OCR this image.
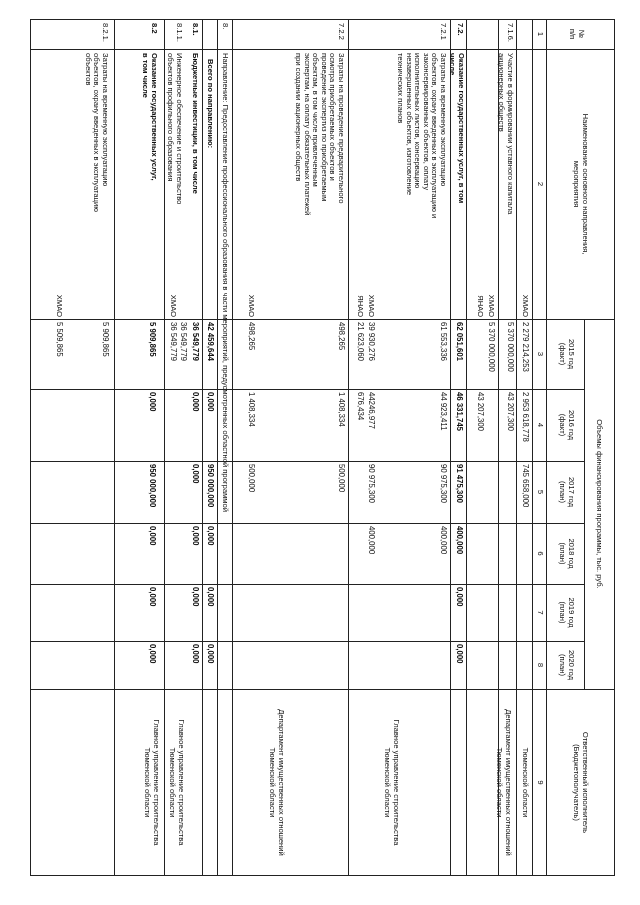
№
п/п
Наименование основного направления,
мероприятия
Объемы финансирования программы, тыс. руб.
2015 год
(факт)
2016 год
(факт)
2017 год
(план)
2018 год
(план)
2019 год
(план)
2020 год
(план)
Ответственный исполнитель
(Бюджетополучатель)
1
2
3
4
5
6
7
8
9
ХМАО
2 279 214,253
2 953 618,778
745 658,000
Тюменской области
7.1.6.
Участие в формировании уставного капитала
акционерных обществ
ХМАО
ЯНАО
5 370 000,000
43 207,300
5 370 000,000
43 207,300
Департамент имущественных отношений
Тюменской области
7.2.
Оказание государственных услуг, в том
числе
62 051,601
46 331,745
91 475,300
400,000
0,000
0,000
7.2.1
Затраты на временную эксплуатацию
объектов, охрану введенных в эксплуатацию и
законсервированных объектов, оплату
исполнительных листов, консервацию
незавершенных объектов, изготовление
технических планов
61 553,336
44 923,411
90 975,300
400,000
ХМАО
ЯНАО
39 930,276
44246,977
90 975,300
400,000
21 623,060
676,434
Главное управление строительства
Тюменской области
7.2.2
Затраты на проведение предварительного
осмотра приобретаемых объектов и
проведение экспертиз по приобретаемым
объектам, в том числе привлеченным
экспертам, на оплату обязательных платежей
при создании акционерных обществ
498,265
1 408,334
500,000
ХМАО
498,265
1 408,334
500,000
Департамент имущественных отношений
Тюменской области
8.
Направление: Предоставление профессионального образования в части мероприятий, предусмотренных областной программой
Всего по направлению:
42 459,644
0,000
950 000,000
0,000
0,000
0,000
8.1.
Бюджетные инвестиции, в том числе
36 549,779
0,000
0,000
0,000
0,000
0,000
8.1.1.
Инженерное обеспечение и строительство
объектов профильного образования
ХМАО
36 549,779
36 549,779
Главное управление строительства
Тюменской области
8.2
Оказание государственных услуг,
в том числе
5 909,865
0,000
950 000,000
0,000
0,000
0,000
Главное управление строительства
Тюменской области
8.2.1.
Затраты на временную эксплуатацию
объектов, охрану введенных в эксплуатацию
объектов
ХМАО
5 909,865
5 509,865
